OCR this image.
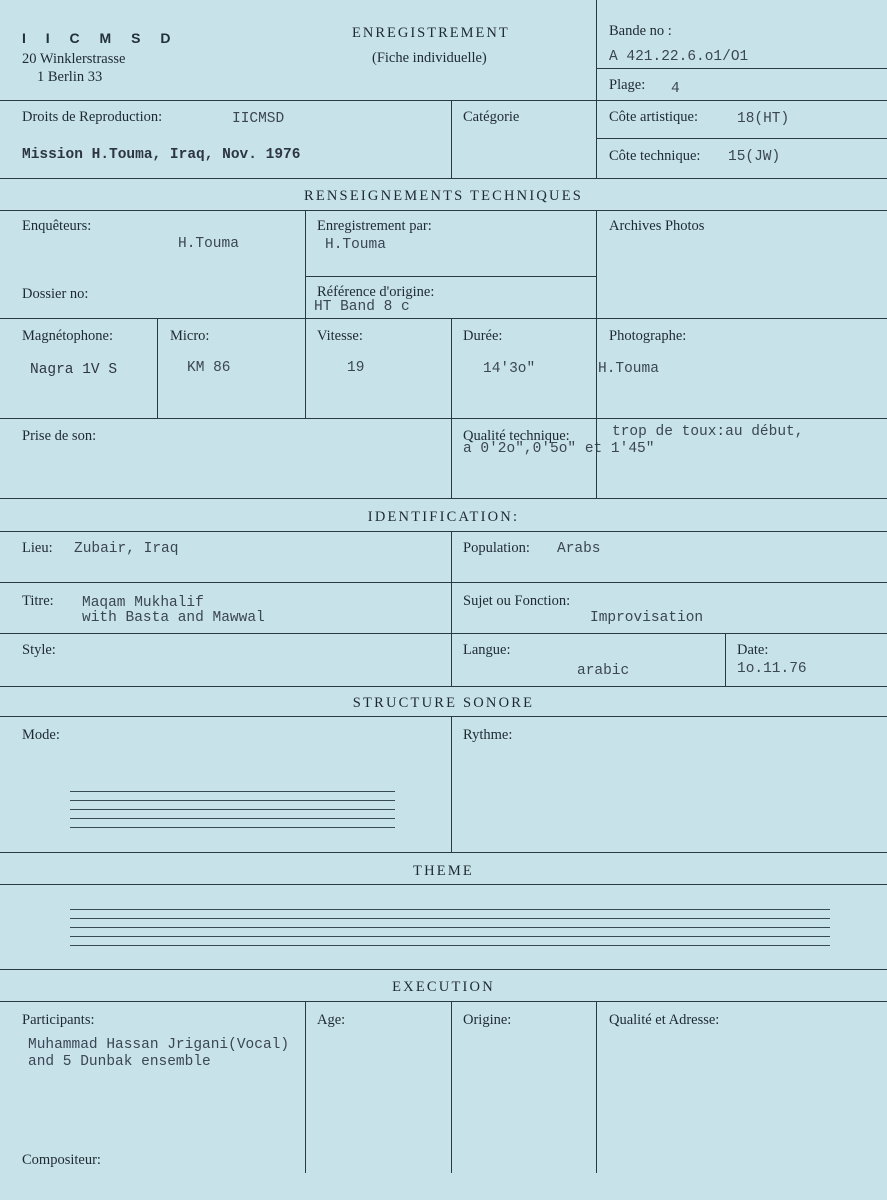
I I C M S D
20 Winklerstrasse
1 Berlin 33
ENREGISTREMENT
(Fiche individuelle)
Bande no :
A 421.22.6.o1/O1
Plage: 4
Droits de Reproduction:	IICMSD
Mission H.Touma, Iraq, Nov. 1976
Catégorie	Côte artistique:	18(HT)
Côte technique: 15(JW)
RENSEIGNEMENTS TECHNIQUES
Enquêteurs:
H.Touma
Enregistrement par:
H.Touma
Archives Photos
Dossier no:	Référence d'origine:
HT Band 8 c
Magnétophone:
Nagra 1V S
Micro:
KM 86
Vitesse:
19
Durée:
14'3o"
Photographe:
H.Touma
Prise de son:	Qualité technique:	trop de toux:au début,
a 0'2o",0'5o" et 1'45"
IDENTIFICATION:
Lieu: Zubair, Iraq	Population: Arabs
Titre: Maqam Mukhalif
with Basta and Mawwal
Sujet ou Fonction:
Improvisation
Style:	Langue:
arabic
Date:
1o.11.76
STRUCTURE SONORE
Mode:	Rythme:
THEME
EXECUTION
Participants:
Muhammad Hassan Jrigani(Vocal)
and 5 Dunbak ensemble
Age:	Origine:	Qualité et Adresse:
Compositeur:
